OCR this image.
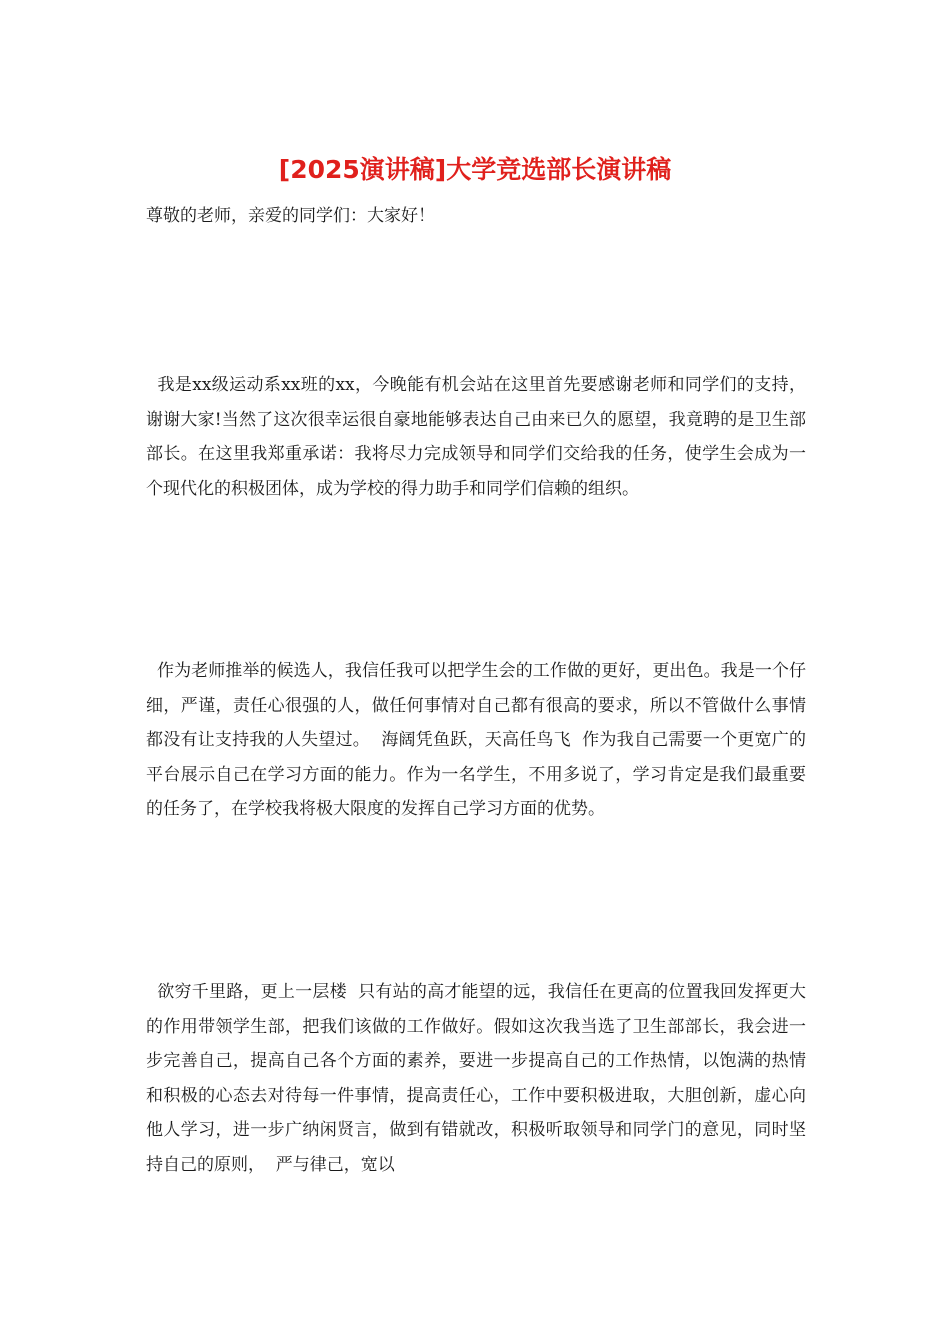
[2025演讲稿]大学竞选部长演讲稿

尊敬的老师，亲爱的同学们：大家好！

我是xx级运动系xx班的xx，今晚能有机会站在这里首先要感谢老师和同学们的支持，谢谢大家!当然了这次很幸运很自豪地能够表达自己由来已久的愿望，我竟聘的是卫生部部长。在这里我郑重承诺：我将尽力完成领导和同学们交给我的任务，使学生会成为一个现代化的积极团体，成为学校的得力助手和同学们信赖的组织。

作为老师推举的候选人，我信任我可以把学生会的工作做的更好，更出色。我是一个仔细，严谨，责任心很强的人，做任何事情对自己都有很高的要求，所以不管做什么事情都没有让支持我的人失望过。  海阔凭鱼跃，天高任鸟飞  作为我自己需要一个更宽广的平台展示自己在学习方面的能力。作为一名学生，不用多说了，学习肯定是我们最重要的任务了，在学校我将极大限度的发挥自己学习方面的优势。

欲穷千里路，更上一层楼  只有站的高才能望的远，我信任在更高的位置我回发挥更大的作用带领学生部，把我们该做的工作做好。假如这次我当选了卫生部部长，我会进一步完善自己，提高自己各个方面的素养，要进一步提高自己的工作热情，以饱满的热情和积极的心态去对待每一件事情，提高责任心，工作中要积极进取，大胆创新，虚心向他人学习，进一步广纳闲贤言，做到有错就改，积极听取领导和同学门的意见，同时坚持自己的原则，  严与律己，宽以
